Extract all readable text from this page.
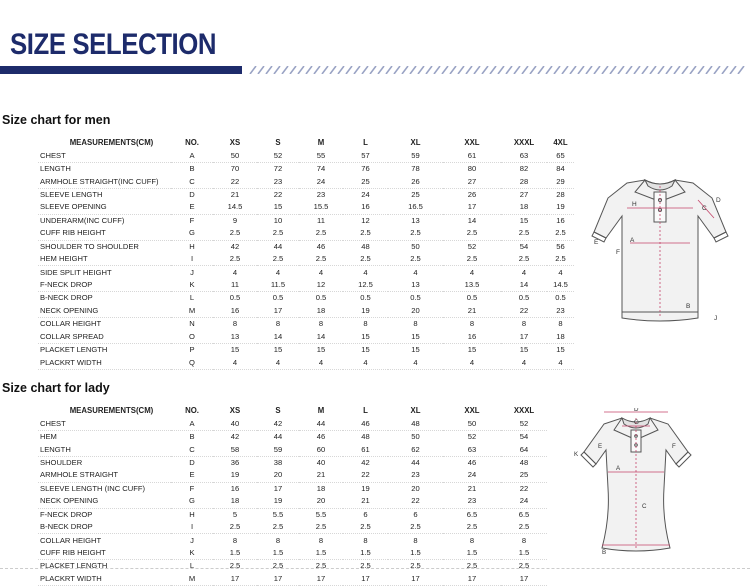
SIZE SELECTION
Size chart for men
MEASUREMENTS(CM)	NO.	XS	S	M	L	XL	XXL	XXXL	4XL
CHEST	A	50	52	55	57	59	61	63	65
LENGTH	B	70	72	74	76	78	80	82	84
ARMHOLE STRAIGHT(INC CUFF)	C	22	23	24	25	26	27	28	29
SLEEVE LENGTH	D	21	22	23	24	25	26	27	28
SLEEVE OPENING	E	14.5	15	15.5	16	16.5	17	18	19
UNDERARM(INC CUFF)	F	9	10	11	12	13	14	15	16
CUFF RIB HEIGHT	G	2.5	2.5	2.5	2.5	2.5	2.5	2.5	2.5
SHOULDER TO SHOULDER	H	42	44	46	48	50	52	54	56
HEM HEIGHT	I	2.5	2.5	2.5	2.5	2.5	2.5	2.5	2.5
SIDE SPLIT HEIGHT	J	4	4	4	4	4	4	4	4
F-NECK DROP	K	11	11.5	12	12.5	13	13.5	14	14.5
B-NECK DROP	L	0.5	0.5	0.5	0.5	0.5	0.5	0.5	0.5
NECK OPENING	M	16	17	18	19	20	21	22	23
COLLAR HEIGHT	N	8	8	8	8	8	8	8	8
COLLAR SPREAD	O	13	14	14	15	15	16	17	18
PLACKET LENGTH	P	15	15	15	15	15	15	15	15
PLACKRT WIDTH	Q	4	4	4	4	4	4	4	4
H
C
D
E	A
F
B
J
Size chart for lady
MEASUREMENTS(CM)	NO.	XS	S	M	L	XL	XXL	XXXL
CHEST	A	40	42	44	46	48	50	52
HEM	B	42	44	46	48	50	52	54
LENGTH	C	58	59	60	61	62	63	64
SHOULDER	D	36	38	40	42	44	46	48
ARMHOLE STRAIGHT	E	19	20	21	22	23	24	25
SLEEVE LENGTH (INC CUFF)	F	16	17	18	19	20	21	22
NECK OPENING	G	18	19	20	21	22	23	24
F-NECK DROP	H	5	5.5	5.5	6	6	6.5	6.5
B-NECK DROP	I	2.5	2.5	2.5	2.5	2.5	2.5	2.5
COLLAR HEIGHT	J	8	8	8	8	8	8	8
CUFF RIB HEIGHT	K	1.5	1.5	1.5	1.5	1.5	1.5	1.5
PLACKET LENGTH	L	2.5	2.5	2.5	2.5	2.5	2.5	2.5
PLACKRT WIDTH	M	17	17	17	17	17	17	17
D
G
E	F
K
A
C
B
